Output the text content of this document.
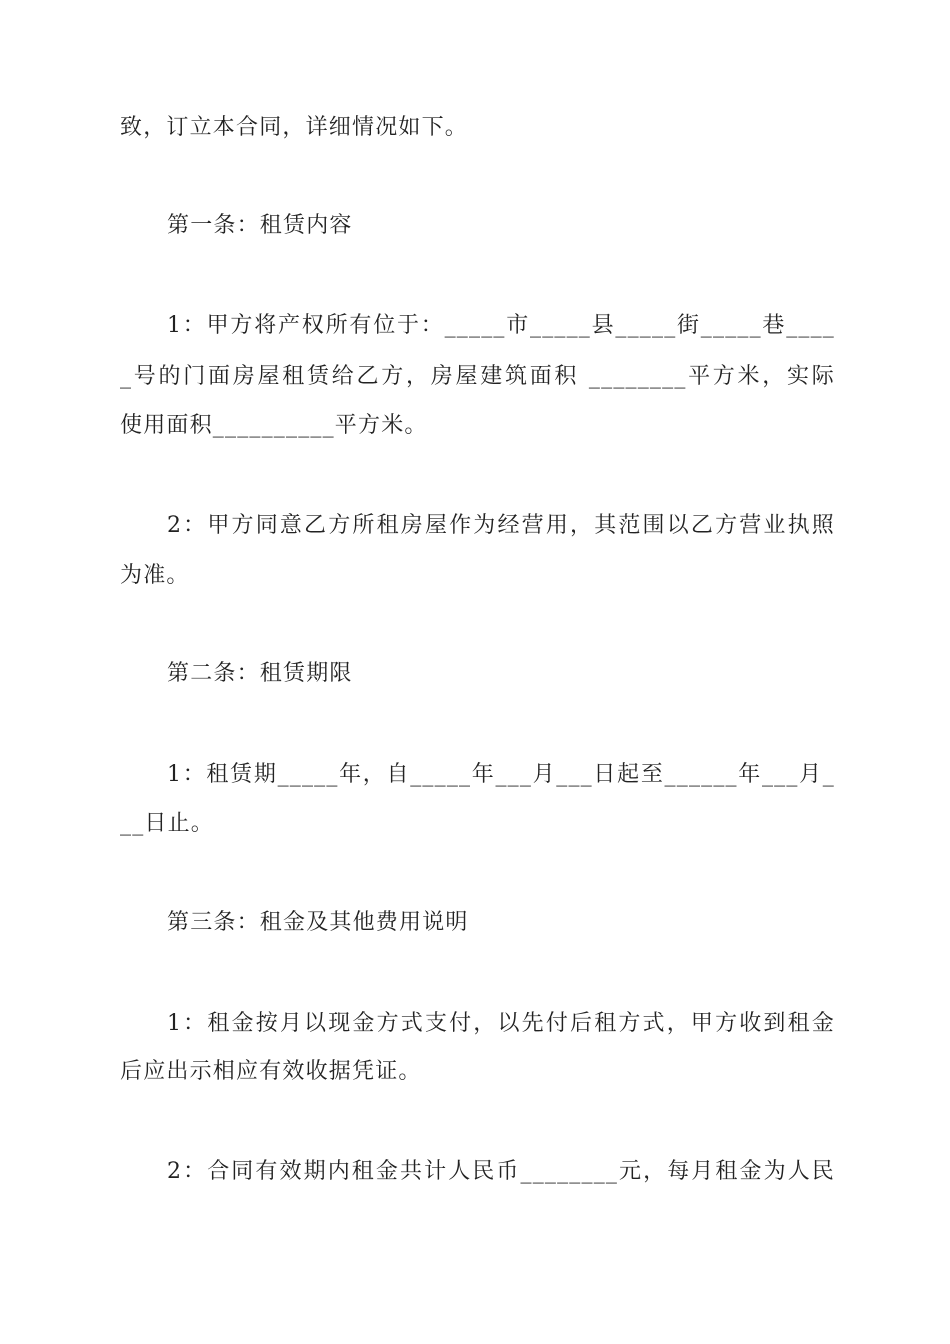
致，订立本合同，详细情况如下。
第一条：租赁内容
1：甲方将产权所有位于：_____市_____县_____街_____巷____
_号的门面房屋租赁给乙方，房屋建筑面积 ________平方米，实际
使用面积__________平方米。
2：甲方同意乙方所租房屋作为经营用，其范围以乙方营业执照
为准。
第二条：租赁期限
1：租赁期_____年，自_____年___月___日起至______年___月_
__日止。
第三条：租金及其他费用说明
1：租金按月以现金方式支付，以先付后租方式，甲方收到租金
后应出示相应有效收据凭证。
2：合同有效期内租金共计人民币________元，每月租金为人民
